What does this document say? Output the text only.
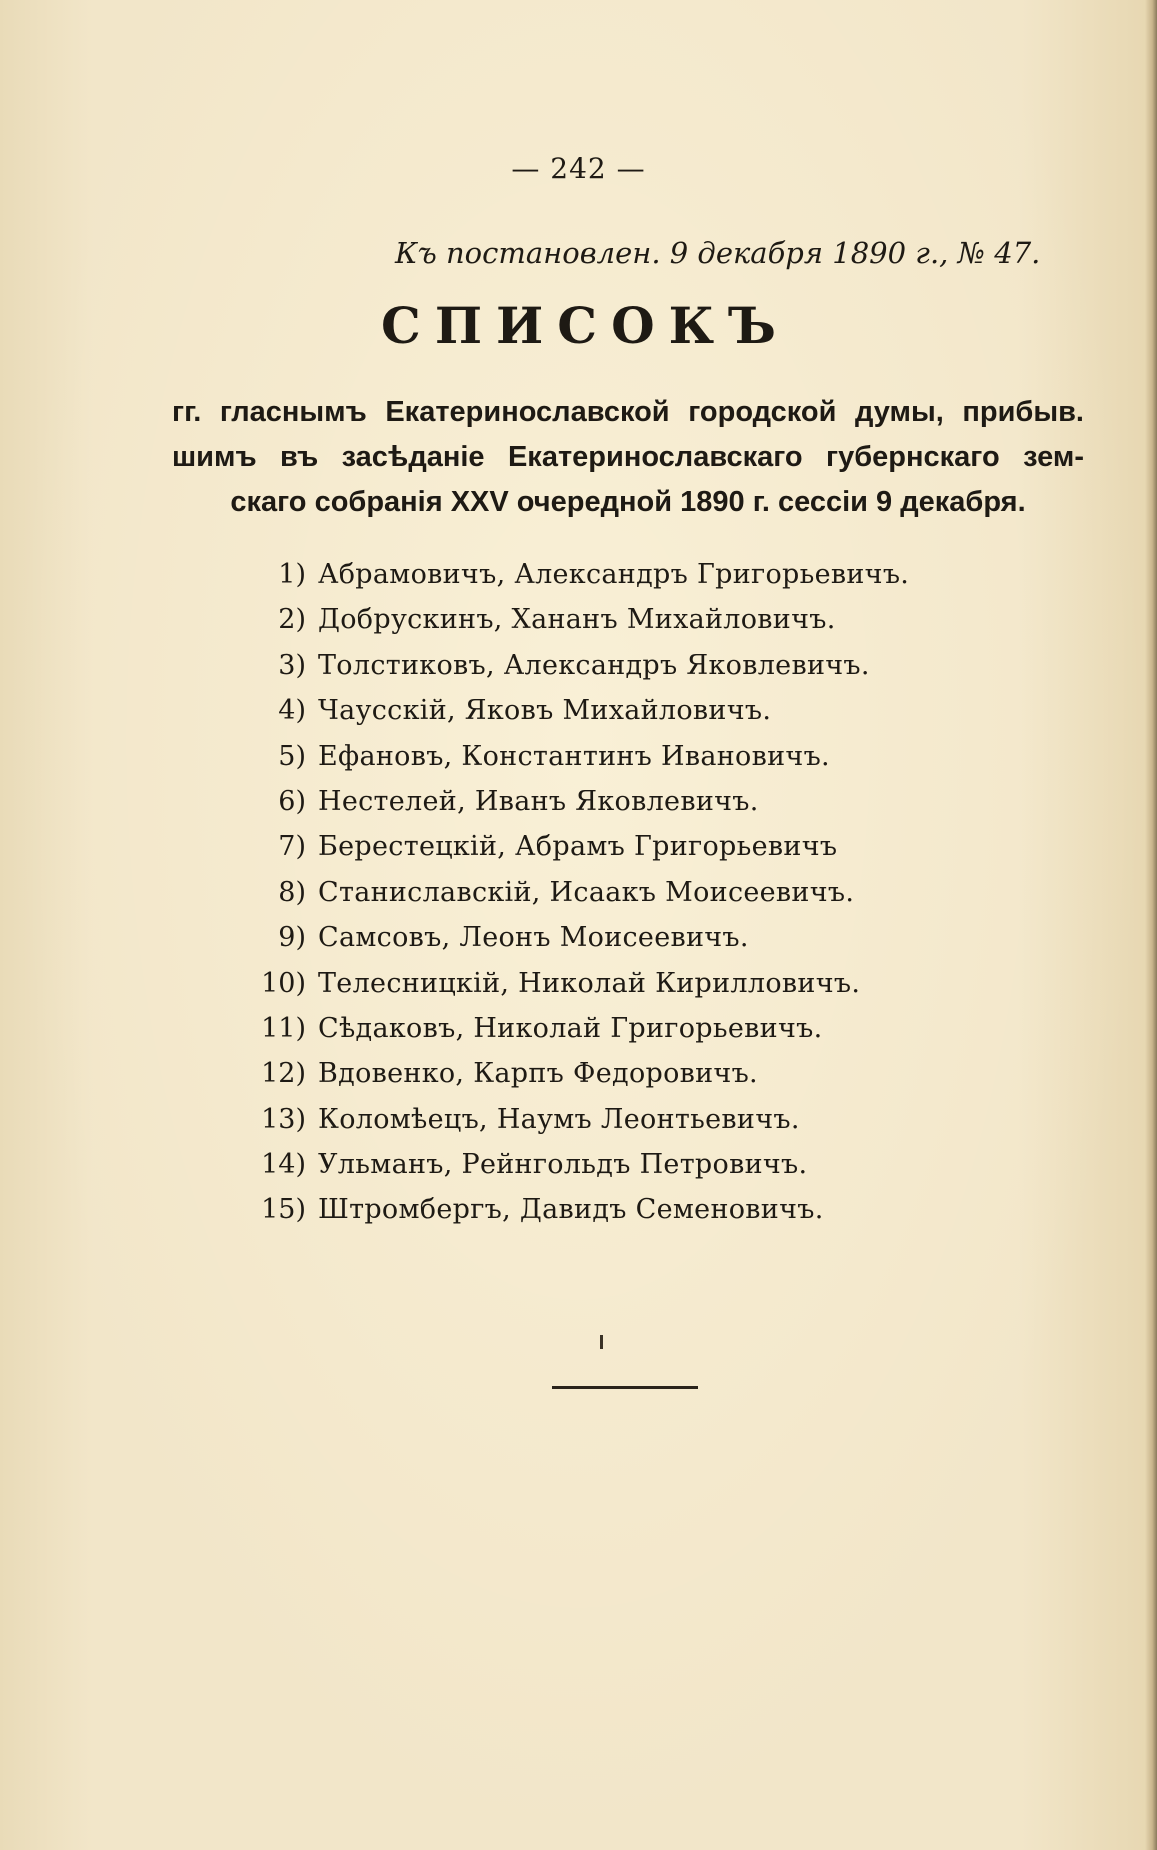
— 242 —
Къ постановлен. 9 декабря 1890 г., № 47.
СПИСОКЪ
гг. гласнымъ Екатеринославской городской думы, прибыв.
шимъ въ засѣданіе Екатеринославскаго губернскаго зем-
скаго собранія XXV очередной 1890 г. сессіи 9 декабря.
1) Абрамовичъ, Александръ Григорьевичъ.
2) Добрускинъ, Хананъ Михайловичъ.
3) Толстиковъ, Александръ Яковлевичъ.
4) Чаусскій, Яковъ Михайловичъ.
5) Ефановъ, Константинъ Ивановичъ.
6) Нестелей, Иванъ Яковлевичъ.
7) Берестецкій, Абрамъ Григорьевичъ
8) Станиславскій, Исаакъ Моисеевичъ.
9) Самсовъ, Леонъ Моисеевичъ.
10) Телесницкій, Николай Кирилловичъ.
11) Сѣдаковъ, Николай Григорьевичъ.
12) Вдовенко, Карпъ Федоровичъ.
13) Коломѣецъ, Наумъ Леонтьевичъ.
14) Ульманъ, Рейнгольдъ Петровичъ.
15) Штромбергъ, Давидъ Семеновичъ.
